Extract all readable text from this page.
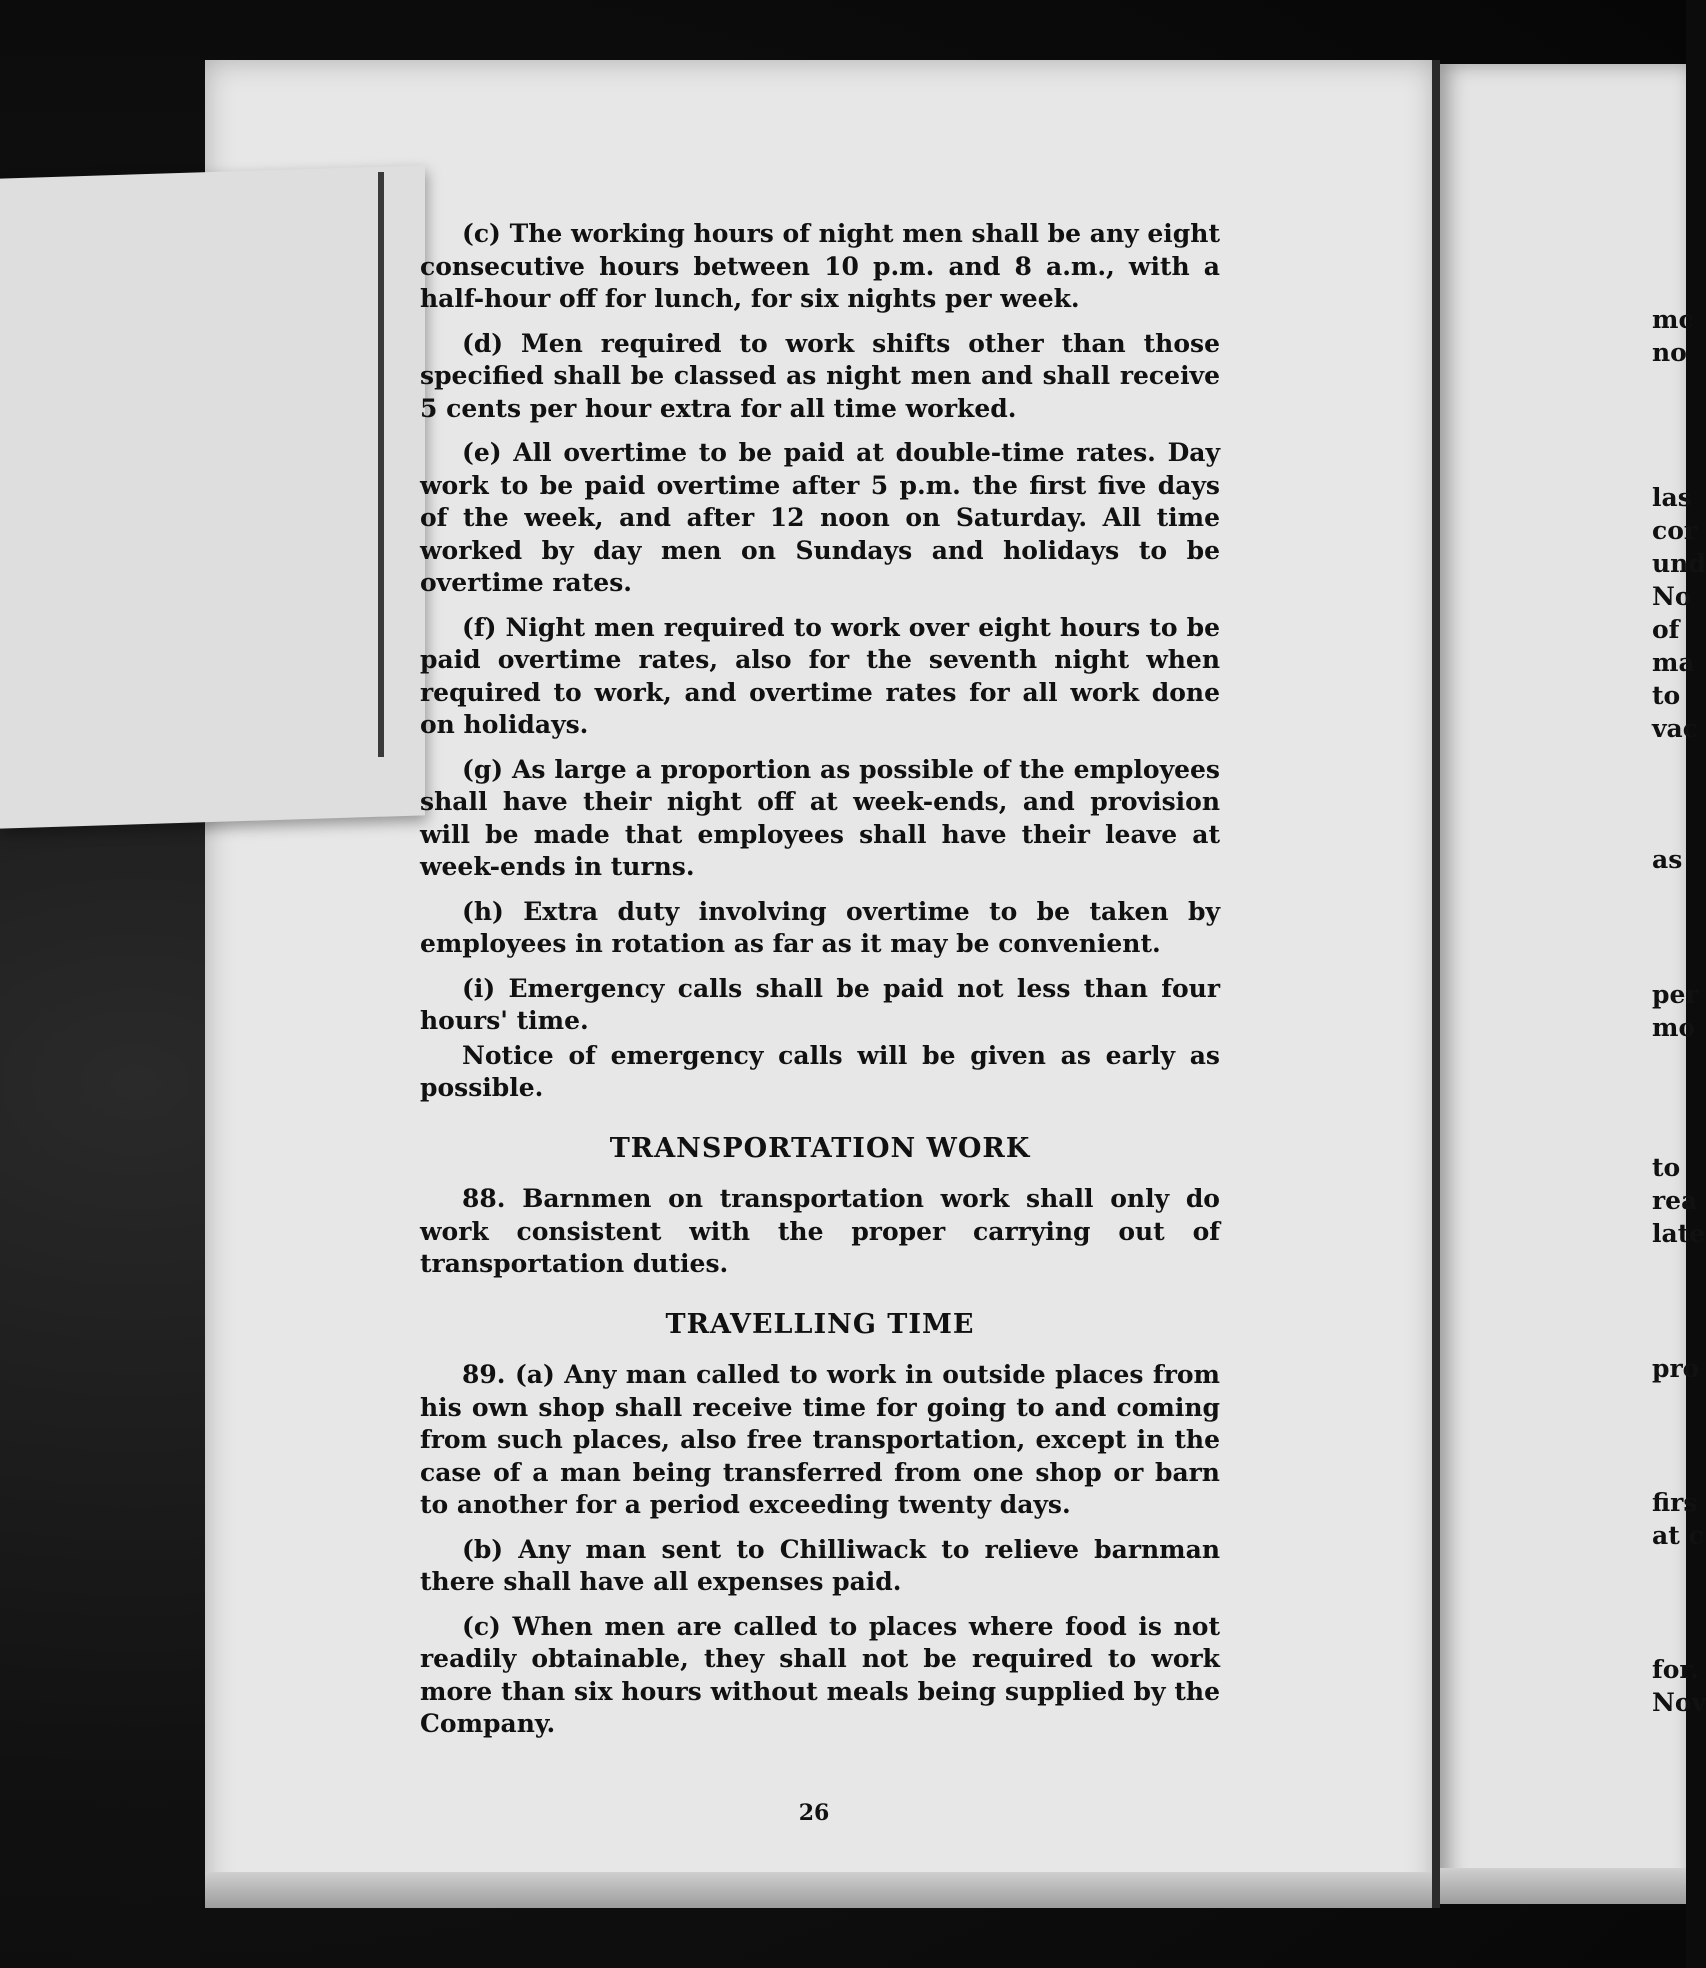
(c) The working hours of night men shall be any eight consecutive hours between 10 p.m. and 8 a.m., with a half-hour off for lunch, for six nights per week.

(d) Men required to work shifts other than those specified shall be classed as night men and shall receive 5 cents per hour extra for all time worked.

(e) All overtime to be paid at double-time rates. Day work to be paid overtime after 5 p.m. the first five days of the week, and after 12 noon on Saturday. All time worked by day men on Sundays and holidays to be overtime rates.

(f) Night men required to work over eight hours to be paid overtime rates, also for the seventh night when required to work, and overtime rates for all work done on holidays.

(g) As large a proportion as possible of the employees shall have their night off at week-ends, and provision will be made that employees shall have their leave at week-ends in turns.

(h) Extra duty involving overtime to be taken by employees in rotation as far as it may be convenient.

(i) Emergency calls shall be paid not less than four hours' time.

Notice of emergency calls will be given as early as possible.

TRANSPORTATION WORK

88. Barnmen on transportation work shall only do work consistent with the proper carrying out of transportation duties.

TRAVELLING TIME

89. (a) Any man called to work in outside places from his own shop shall receive time for going to and coming from such places, also free transportation, except in the case of a man being transferred from one shop or barn to another for a period exceeding twenty days.

(b) Any man sent to Chilliwack to relieve barnman there shall have all expenses paid.

(c) When men are called to places where food is not readily obtainable, they shall not be required to work more than six hours without meals being supplied by the Company.

26
mc
no
las
cor
und
No
of
ma
to
vac
as
per
mo
to
rea
late
pro
firs
at c
for.
Nov
